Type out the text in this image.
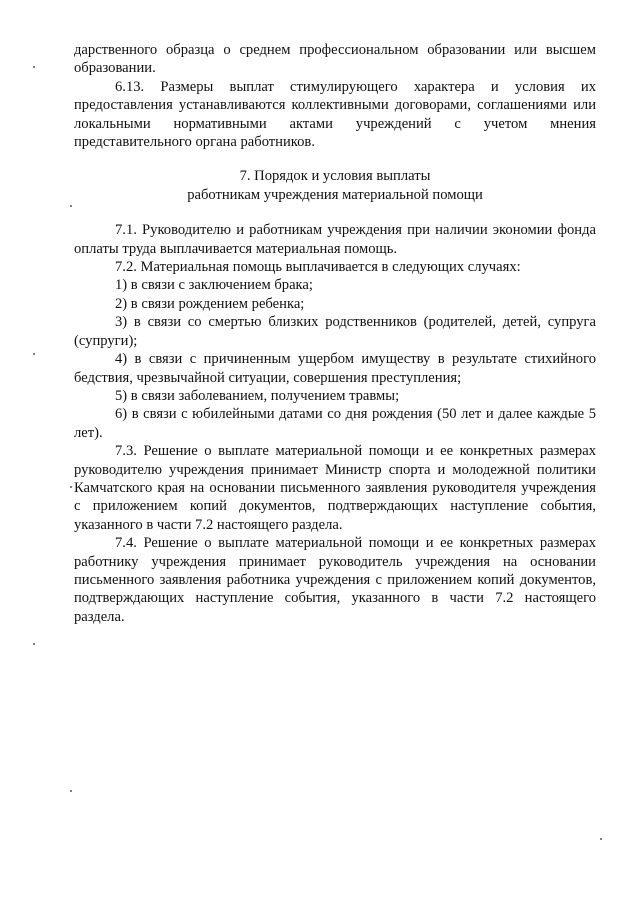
дарственного образца о среднем профессиональном образовании или высшем образовании.

6.13. Размеры выплат стимулирующего характера и условия их предоставления устанавливаются коллективными договорами, соглашениями или локальными нормативными актами учреждений с учетом мнения представительного органа работников.

7. Порядок и условия выплаты

работникам учреждения материальной помощи

7.1. Руководителю и работникам учреждения при наличии экономии фонда оплаты труда выплачивается материальная помощь.

7.2. Материальная помощь выплачивается в следующих случаях:

1) в связи с заключением брака;

2) в связи рождением ребенка;

3) в связи со смертью близких родственников (родителей, детей, супруга (супруги);

4) в связи с причиненным ущербом имуществу в результате стихийного бедствия, чрезвычайной ситуации, совершения преступления;

5) в связи заболеванием, получением травмы;

6) в связи с юбилейными датами со дня рождения (50 лет и далее каждые 5 лет).

7.3. Решение о выплате материальной помощи и ее конкретных размерах руководителю учреждения принимает Министр спорта и молодежной политики Камчатского края на основании письменного заявления руководителя учреждения с приложением копий документов, подтверждающих наступление события, указанного в части 7.2 настоящего раздела.

7.4. Решение о выплате материальной помощи и ее конкретных размерах работнику учреждения принимает руководитель учреждения на основании письменного заявления работника учреждения с приложением копий документов, подтверждающих наступление события, указанного в части 7.2 настоящего раздела.
